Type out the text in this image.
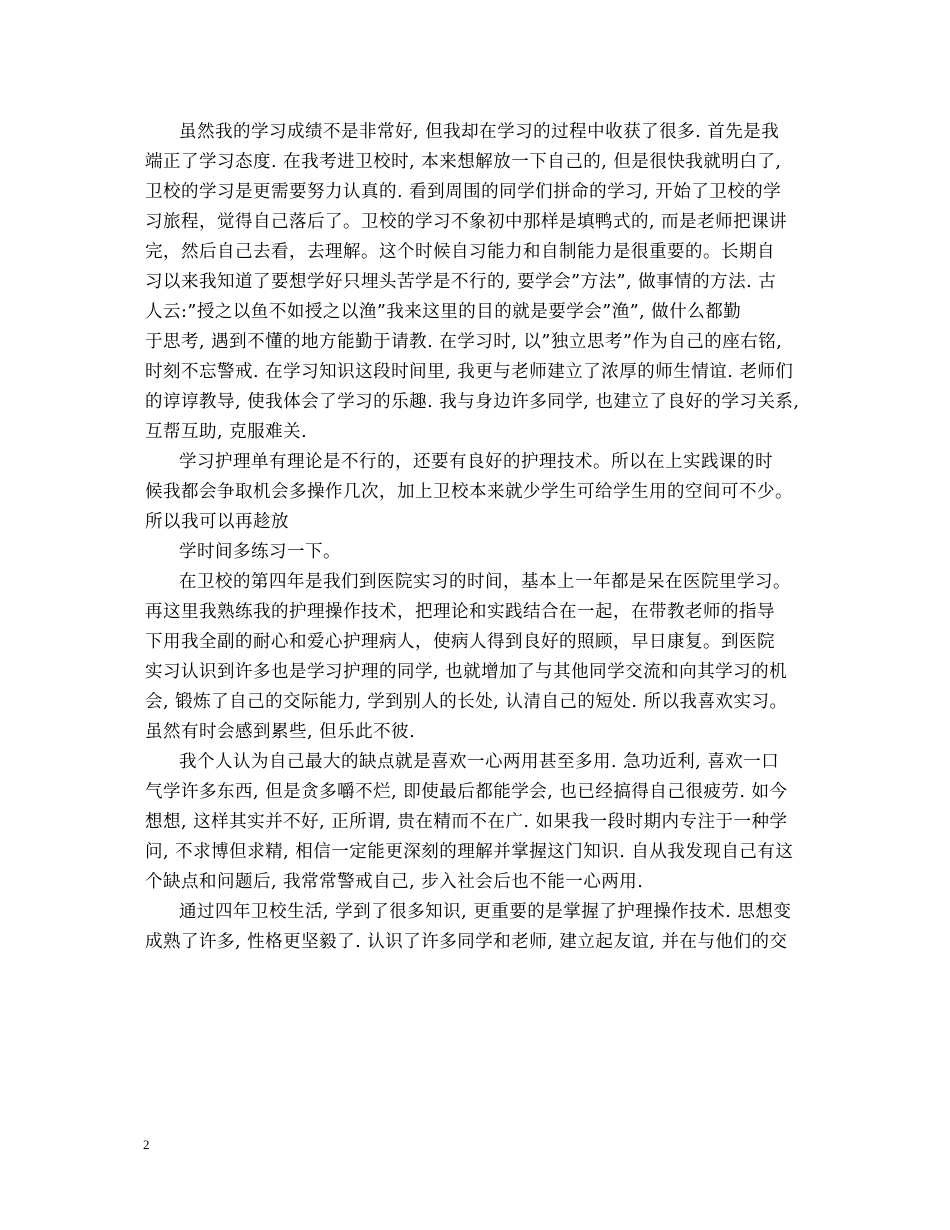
虽然我的学习成绩不是非常好, 但我却在学习的过程中收获了很多. 首先是我
端正了学习态度. 在我考进卫校时, 本来想解放一下自己的, 但是很快我就明白了,
卫校的学习是更需要努力认真的. 看到周围的同学们拼命的学习, 开始了卫校的学
习旅程，觉得自己落后了。卫校的学习不象初中那样是填鸭式的, 而是老师把课讲
完，然后自己去看，去理解。这个时候自习能力和自制能力是很重要的。长期自
习以来我知道了要想学好只埋头苦学是不行的, 要学会”方法”, 做事情的方法. 古
人云:”授之以鱼不如授之以渔”我来这里的目的就是要学会”渔”, 做什么都勤
于思考, 遇到不懂的地方能勤于请教. 在学习时, 以”独立思考”作为自己的座右铭,
时刻不忘警戒. 在学习知识这段时间里, 我更与老师建立了浓厚的师生情谊. 老师们
的谆谆教导, 使我体会了学习的乐趣. 我与身边许多同学, 也建立了良好的学习关系,
互帮互助, 克服难关.
学习护理单有理论是不行的，还要有良好的护理技术。所以在上实践课的时
候我都会争取机会多操作几次，加上卫校本来就少学生可给学生用的空间可不少。
所以我可以再趁放
学时间多练习一下。
在卫校的第四年是我们到医院实习的时间，基本上一年都是呆在医院里学习。
再这里我熟练我的护理操作技术，把理论和实践结合在一起，在带教老师的指导
下用我全副的耐心和爱心护理病人，使病人得到良好的照顾，早日康复。到医院
实习认识到许多也是学习护理的同学, 也就增加了与其他同学交流和向其学习的机
会, 锻炼了自己的交际能力, 学到别人的长处, 认清自己的短处. 所以我喜欢实习。
虽然有时会感到累些, 但乐此不彼.
我个人认为自己最大的缺点就是喜欢一心两用甚至多用. 急功近利, 喜欢一口
气学许多东西, 但是贪多嚼不烂, 即使最后都能学会, 也已经搞得自己很疲劳. 如今
想想, 这样其实并不好, 正所谓, 贵在精而不在广. 如果我一段时期内专注于一种学
问, 不求博但求精, 相信一定能更深刻的理解并掌握这门知识. 自从我发现自己有这
个缺点和问题后, 我常常警戒自己, 步入社会后也不能一心两用.
通过四年卫校生活, 学到了很多知识, 更重要的是掌握了护理操作技术. 思想变
成熟了许多, 性格更坚毅了. 认识了许多同学和老师, 建立起友谊, 并在与他们的交
2
